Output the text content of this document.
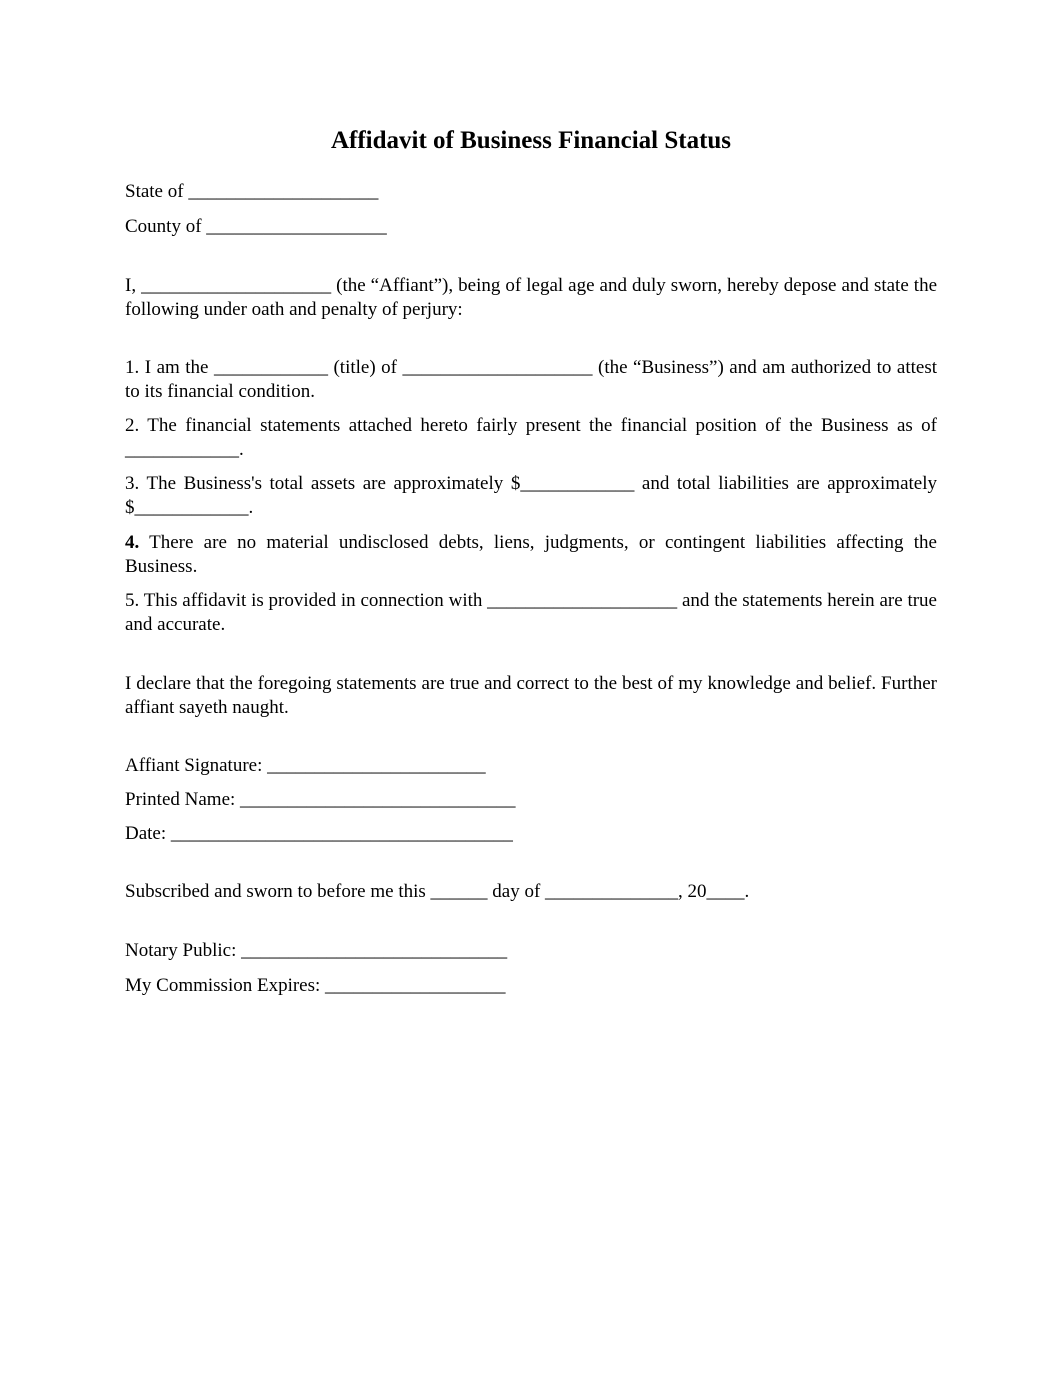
Affidavit of Business Financial Status
State of ____________________
County of ___________________
I, ____________________ (the “Affiant”), being of legal age and duly sworn, hereby depose and state the following under oath and penalty of perjury:
1. I am the ____________ (title) of ____________________ (the “Business”) and am authorized to attest to its financial condition.
2. The financial statements attached hereto fairly present the financial position of the Business as of ____________.
3. The Business's total assets are approximately $____________ and total liabilities are approximately $____________.
4. There are no material undisclosed debts, liens, judgments, or contingent liabilities affecting the Business.
5. This affidavit is provided in connection with ____________________ and the statements herein are true and accurate.
I declare that the foregoing statements are true and correct to the best of my knowledge and belief. Further affiant sayeth naught.
Affiant Signature: _______________________
Printed Name: _____________________________
Date: ____________________________________
Subscribed and sworn to before me this ______ day of ______________, 20____.
Notary Public: ____________________________
My Commission Expires: ___________________
